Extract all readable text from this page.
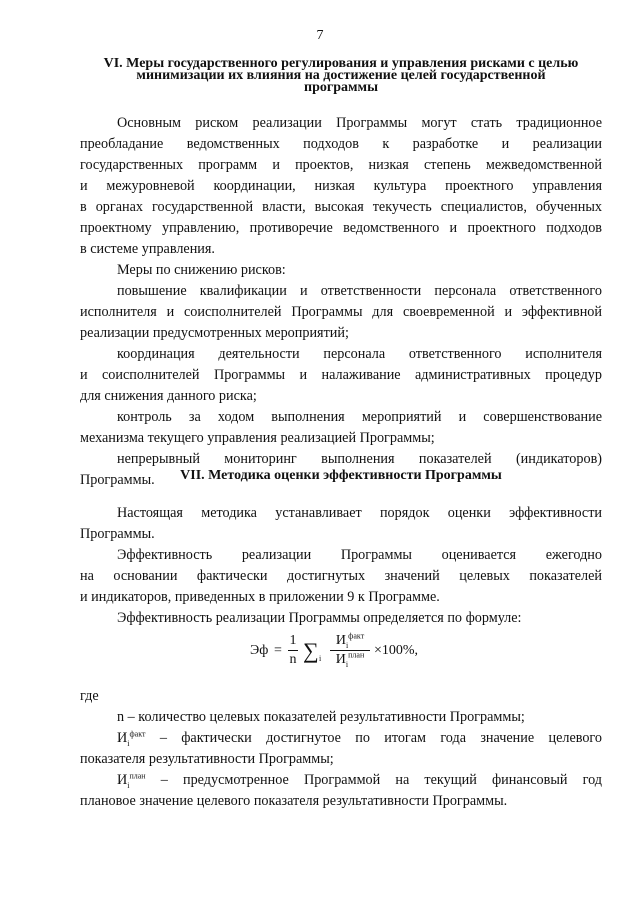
7
VI. Меры государственного регулирования и управления рисками с целью
минимизации их влияния на достижение целей государственной
программы
Основным риском реализации Программы могут стать традиционное
преобладание ведомственных подходов к разработке и реализации
государственных программ и проектов, низкая степень межведомственной
и межуровневой координации, низкая культура проектного управления
в органах государственной власти, высокая текучесть специалистов, обученных
проектному управлению, противоречие ведомственного и проектного подходов
в системе управления.
Меры по снижению рисков:
повышение квалификации и ответственности персонала ответственного
исполнителя и соисполнителей Программы для своевременной и эффективной
реализации предусмотренных мероприятий;
координация деятельности персонала ответственного исполнителя
и соисполнителей Программы и налаживание административных процедур
для снижения данного риска;
контроль за ходом выполнения мероприятий и совершенствование
механизма текущего управления реализацией Программы;
непрерывный мониторинг выполнения показателей (индикаторов)
Программы.	VII. Методика оценки эффективности Программы
Настоящая методика устанавливает порядок оценки эффективности
Программы.
Эффективность реализации Программы оценивается ежегодно
на основании фактически достигнутых значений целевых показателей
и индикаторов, приведенных в приложении 9 к Программе.
Эффективность реализации Программы определяется по формуле:
Эф =
1
n ∑ i
$И_i^{факт}$
$И_i^{план} \times 100\%$,
где
n – количество целевых показателей результативности Программы;
$И_i^{факт}$ – фактически достигнутое по итогам года значение целевого
показателя результативности Программы;
$И_i^{план}$ – предусмотренное Программой на текущий финансовый год
плановое значение целевого показателя результативности Программы.
